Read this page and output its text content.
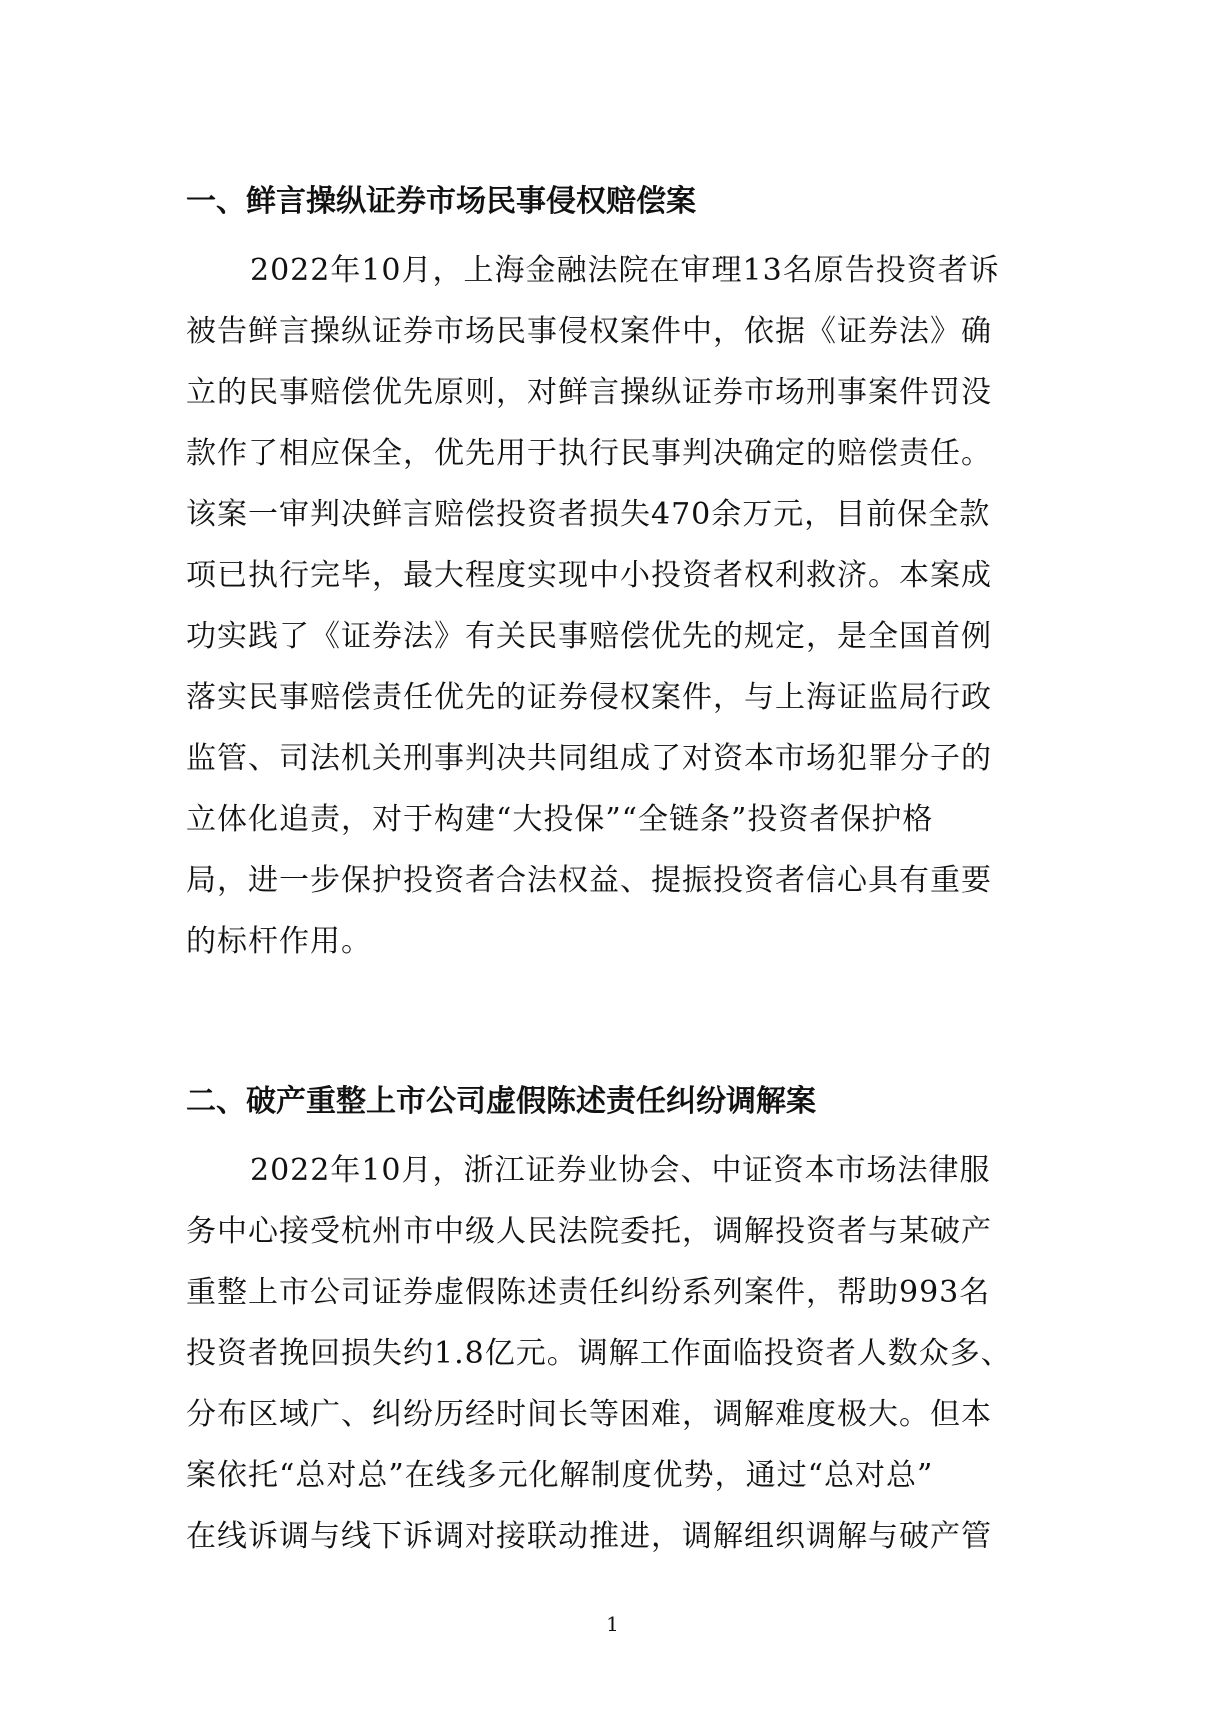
一、鲜言操纵证券市场民事侵权赔偿案
2022年10月，上海金融法院在审理13名原告投资者诉
被告鲜言操纵证券市场民事侵权案件中，依据《证券法》确
立的民事赔偿优先原则，对鲜言操纵证券市场刑事案件罚没
款作了相应保全，优先用于执行民事判决确定的赔偿责任。
该案一审判决鲜言赔偿投资者损失470余万元，目前保全款
项已执行完毕，最大程度实现中小投资者权利救济。本案成
功实践了《证券法》有关民事赔偿优先的规定，是全国首例
落实民事赔偿责任优先的证券侵权案件，与上海证监局行政
监管、司法机关刑事判决共同组成了对资本市场犯罪分子的
立体化追责，对于构建“大投保”“全链条”投资者保护格
局，进一步保护投资者合法权益、提振投资者信心具有重要
的标杆作用。
二、破产重整上市公司虚假陈述责任纠纷调解案
2022年10月，浙江证券业协会、中证资本市场法律服
务中心接受杭州市中级人民法院委托，调解投资者与某破产
重整上市公司证券虚假陈述责任纠纷系列案件，帮助993名
投资者挽回损失约1.8亿元。调解工作面临投资者人数众多、
分布区域广、纠纷历经时间长等困难，调解难度极大。但本
案依托“总对总”在线多元化解制度优势，通过“总对总”
在线诉调与线下诉调对接联动推进，调解组织调解与破产管
1
